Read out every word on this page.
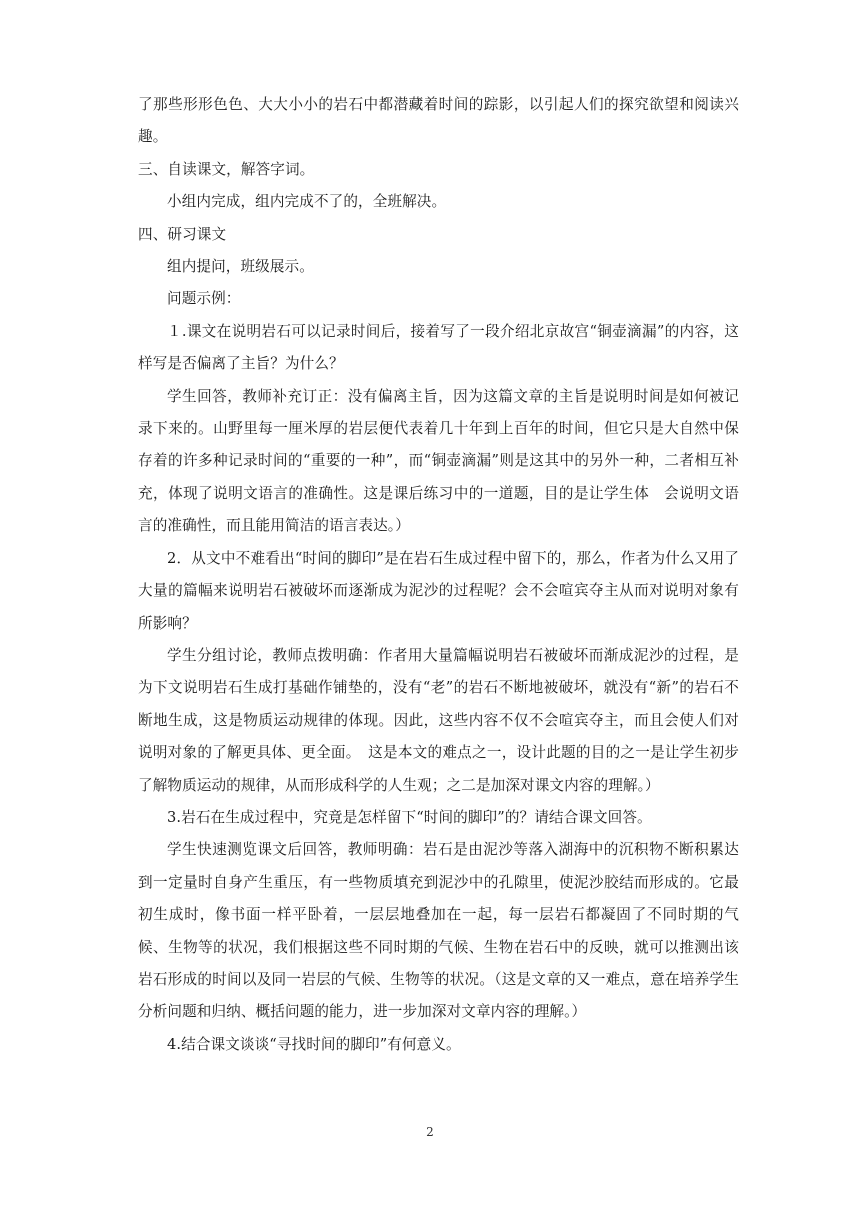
了那些形形色色、大大小小的岩石中都潜藏着时间的踪影，以引起人们的探究欲望和阅读兴趣。

三、自读课文，解答字词。

小组内完成，组内完成不了的，全班解决。

四、研习课文

组内提问，班级展示。

问题示例：

１.课文在说明岩石可以记录时间后，接着写了一段介绍北京故宫“铜壶滴漏”的内容，这样写是否偏离了主旨？为什么？

学生回答，教师补充订正：没有偏离主旨，因为这篇文章的主旨是说明时间是如何被记录下来的。山野里每一厘米厚的岩层便代表着几十年到上百年的时间，但它只是大自然中保存着的许多种记录时间的“重要的一种”，而“铜壶滴漏”则是这其中的另外一种，二者相互补充，体现了说明文语言的准确性。这是课后练习中的一道题，目的是让学生体　会说明文语言的准确性，而且能用简洁的语言表达。）

2．从文中不难看出“时间的脚印”是在岩石生成过程中留下的，那么，作者为什么又用了大量的篇幅来说明岩石被破坏而逐渐成为泥沙的过程呢？会不会喧宾夺主从而对说明对象有所影响？

学生分组讨论，教师点拨明确：作者用大量篇幅说明岩石被破坏而渐成泥沙的过程，是为下文说明岩石生成打基础作铺垫的，没有“老”的岩石不断地被破坏，就没有“新”的岩石不断地生成，这是物质运动规律的体现。因此，这些内容不仅不会喧宾夺主，而且会使人们对说明对象的了解更具体、更全面。　这是本文的难点之一，设计此题的目的之一是让学生初步了解物质运动的规律，从而形成科学的人生观；之二是加深对课文内容的理解。）

3.岩石在生成过程中，究竟是怎样留下“时间的脚印”的？请结合课文回答。

学生快速测览课文后回答，教师明确：岩石是由泥沙等落入湖海中的沉积物不断积累达到一定量时自身产生重压，有一些物质填充到泥沙中的孔隙里，使泥沙胶结而形成的。它最初生成时，像书面一样平卧着，一层层地叠加在一起，每一层岩石都凝固了不同时期的气候、生物等的状况，我们根据这些不同时期的气候、生物在岩石中的反映，就可以推测出该岩石形成的时间以及同一岩层的气候、生物等的状况。（这是文章的又一难点，意在培养学生分析问题和归纳、概括问题的能力，进一步加深对文章内容的理解。）

4.结合课文谈谈“寻找时间的脚印”有何意义。

2
